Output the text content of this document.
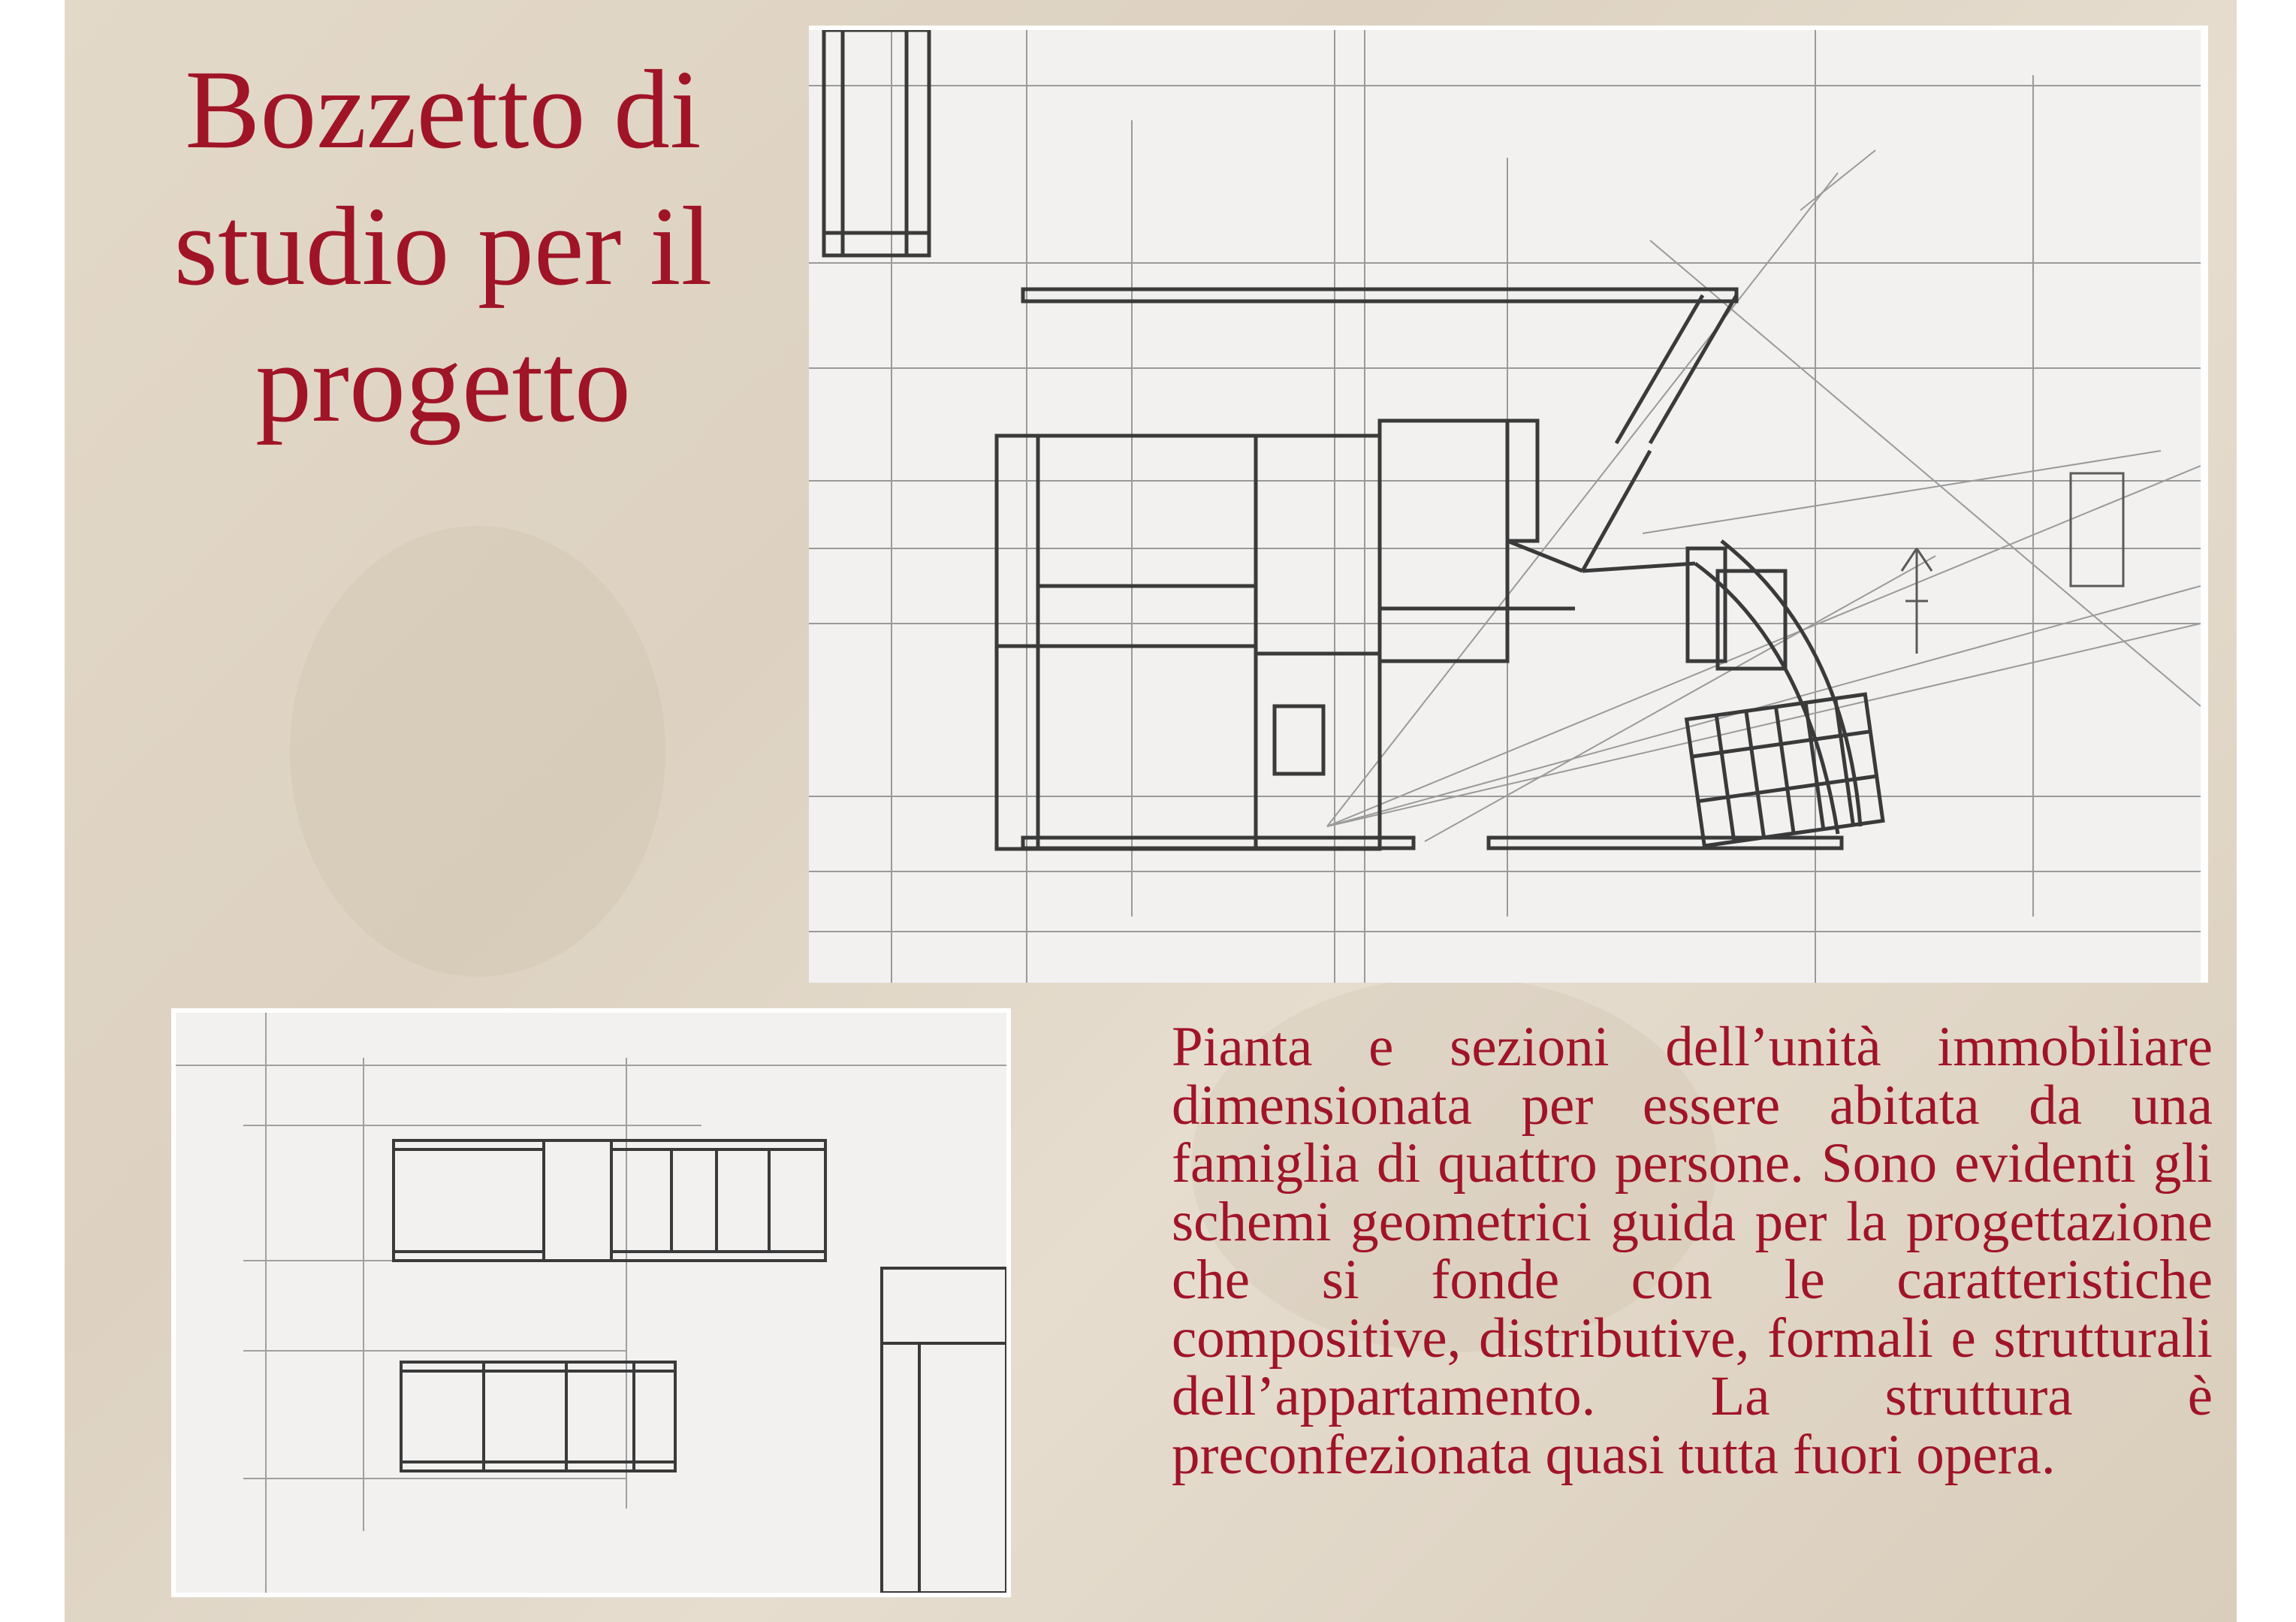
Bozzetto di studio per il progetto

Pianta e sezioni dell’unità immobiliare dimensionata per essere abitata da una famiglia di quattro persone. Sono evidenti gli schemi geometrici guida per la progettazione che si fonde con le caratteristiche compositive, distributive, formali e strutturali dell’appartamento. La struttura è preconfezionata quasi tutta fuori opera.
